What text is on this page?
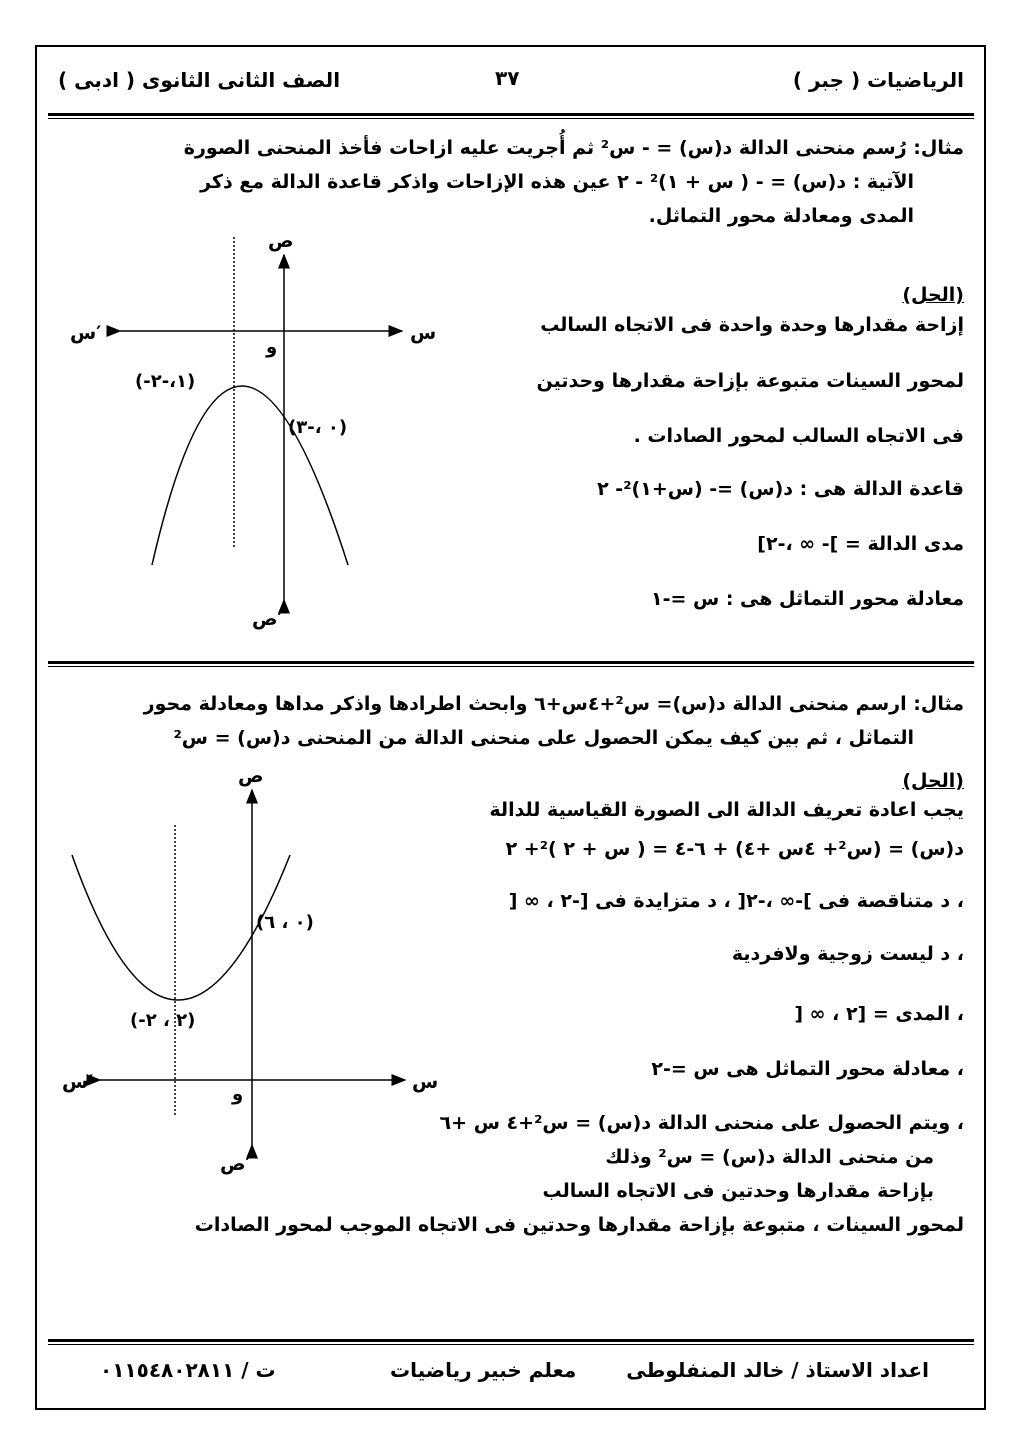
الرياضيات ( جبر )
٣٧
الصف الثانى الثانوى ( ادبى )
مثال: رُسم منحنى الدالة د(س) = - س² ثم أُجريت عليه ازاحات فأخذ المنحنى الصورة
الآتية : د(س) = - ( س + ١)² - ٢ عين هذه الإزاحات واذكر قاعدة الدالة مع ذكر
المدى ومعادلة محور التماثل.
(الحل)
إزاحة مقدارها وحدة واحدة فى الاتجاه السالب
لمحور السينات متبوعة بإزاحة مقدارها وحدتين
فى الاتجاه السالب لمحور الصادات .
قاعدة الدالة هى : د(س) =- (س+١)²- ٢
مدى الدالة = ]- ∞ ،-٢]
معادلة محور التماثل هى : س =-١
ص
ص′
س
س′
و
(-١،-٢)
(٠ ،-٣)
مثال: ارسم منحنى الدالة د(س)= س²+٤س+٦ وابحث اطرادها واذكر مداها ومعادلة محور
التماثل ، ثم بين كيف يمكن الحصول على منحنى الدالة من المنحنى د(س) = س²
(الحل)
يجب اعادة تعريف الدالة الى الصورة القياسية للدالة
د(س) = (س²+ ٤س +٤) + ٦-٤ = ( س + ٢ )²+ ٢
، د متناقصة فى ]-∞ ،-٢[ ، د متزايدة فى [-٢ ، ∞ [
، د ليست زوجية ولافردية
، المدى = [٢ ، ∞ [
، معادلة محور التماثل هى س =-٢
، ويتم الحصول على منحنى الدالة د(س) = س²+٤ س +٦
من منحنى الدالة د(س) = س² وذلك
بإزاحة مقدارها وحدتين فى الاتجاه السالب
لمحور السينات ، متبوعة بإزاحة مقدارها وحدتين فى الاتجاه الموجب لمحور الصادات
ص
ص′
س
س′
و
(-٢ ، ٢)
(٠ ، ٦)
اعداد الاستاذ / خالد المنفلوطى
معلم خبير رياضيات
ت / ٠١١٥٤٨٠٢٨١١
